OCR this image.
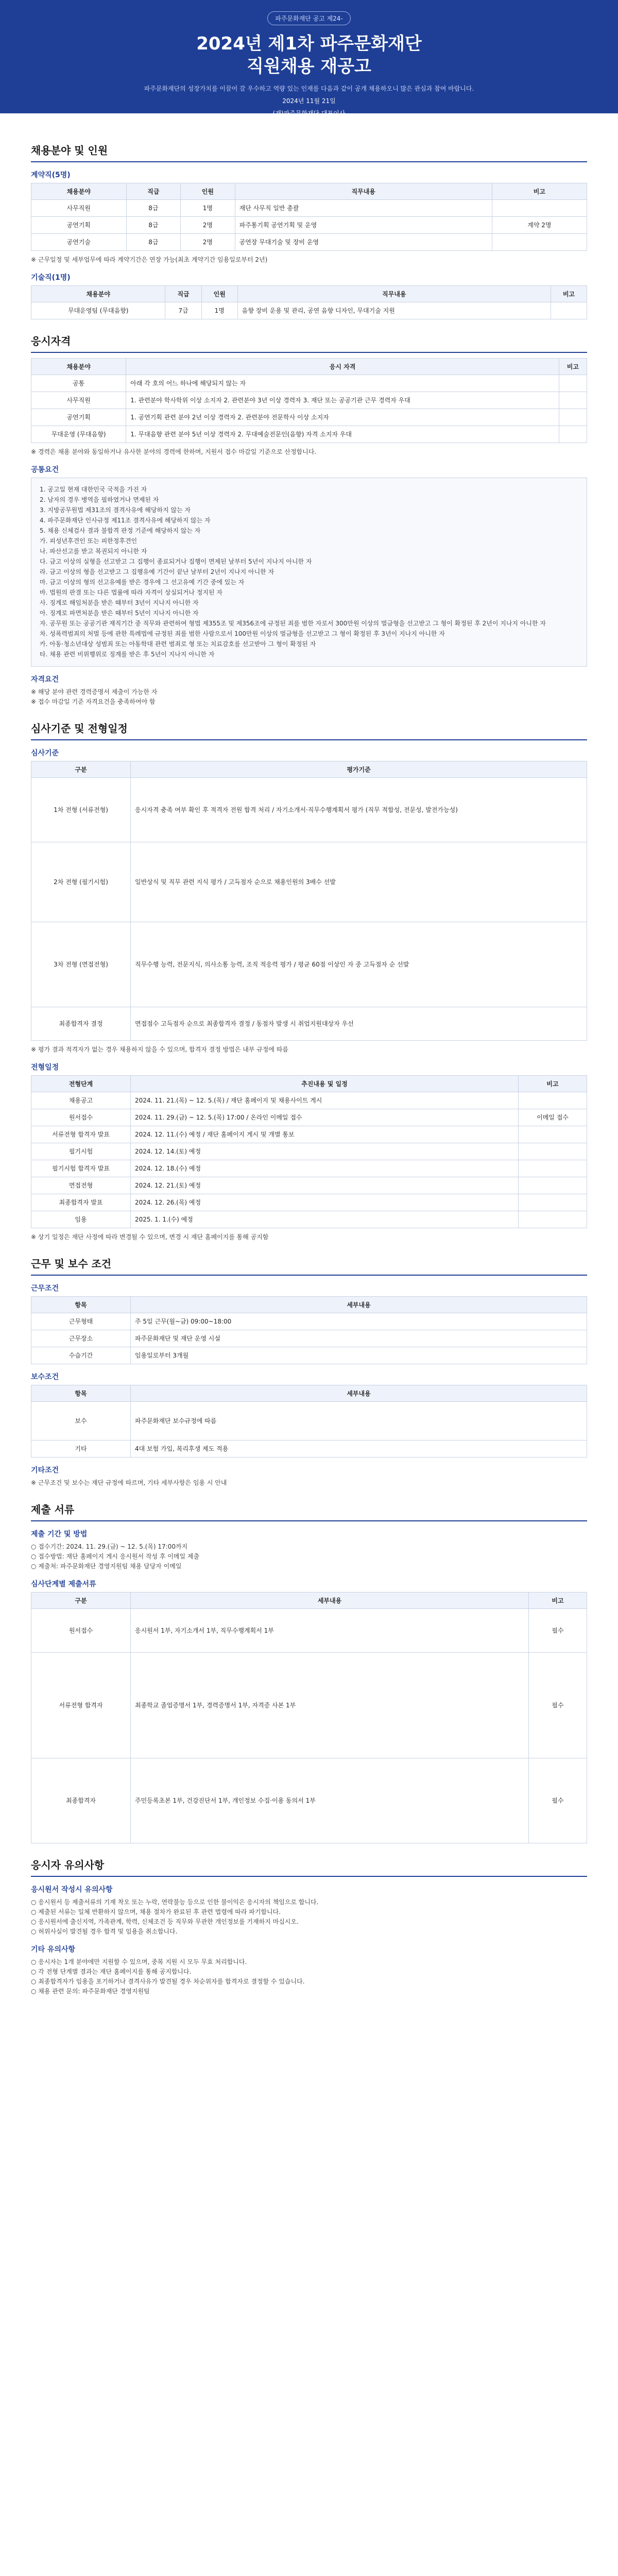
파주문화재단 공고 제24-
2024년 제1차 파주문화재단
직원채용 재공고
파주문화재단의 성장가치를 이끌어 갈 우수하고 역량 있는 인재를 다음과 같이 공개 채용하오니 많은 관심과 참여 바랍니다.
2024년 11월 21일
(재)파주문화재단 대표이사
채용분야 및 인원
계약직(5명)
채용분야	직급	인원	직무내용	비고
사무직원	8급	1명	재단 사무직 일반 총괄	
공연기획	8급	2명	파주통기획 공연기획 및 운영	계약 2명
공연기술	8급	2명	공연장 무대기술 및 장비 운영	

※ 근무일정 및 세부업무에 따라 계약기간은 연장 가능(최초 계약기간 임용일로부터 2년)

기술직(1명)
채용분야	직급	인원	직무내용	비고
무대운영팀 (무대음향)	7급	1명	음향 장비 운용 및 관리, 공연 음향 디자인, 무대기술 지원	
응시자격
채용분야	응시 자격	비고
공통	아래 각 호의 어느 하나에 해당되지 않는 자	
사무직원	1. 관련분야 학사학위 이상 소지자 2. 관련분야 3년 이상 경력자 3. 재단 또는 공공기관 근무 경력자 우대	
공연기획	1. 공연기획 관련 분야 2년 이상 경력자 2. 관련분야 전문학사 이상 소지자	
무대운영 (무대음향)	1. 무대음향 관련 분야 5년 이상 경력자 2. 무대예술전문인(음향) 자격 소지자 우대	

※ 경력은 채용 분야와 동일하거나 유사한 분야의 경력에 한하며, 지원서 접수 마감일 기준으로 산정합니다.

공통요건
1. 공고일 현재 대한민국 국적을 가진 자
2. 남자의 경우 병역을 필하였거나 면제된 자
3. 지방공무원법 제31조의 결격사유에 해당하지 않는 자
4. 파주문화재단 인사규정 제11조 결격사유에 해당하지 않는 자
5. 채용 신체검사 결과 불합격 판정 기준에 해당하지 않는 자
가. 피성년후견인 또는 피한정후견인
나. 파산선고를 받고 복권되지 아니한 자
다. 금고 이상의 실형을 선고받고 그 집행이 종료되거나 집행이 면제된 날부터 5년이 지나지 아니한 자
라. 금고 이상의 형을 선고받고 그 집행유예 기간이 끝난 날부터 2년이 지나지 아니한 자
마. 금고 이상의 형의 선고유예를 받은 경우에 그 선고유예 기간 중에 있는 자
바. 법원의 판결 또는 다른 법률에 따라 자격이 상실되거나 정지된 자
사. 징계로 해임처분을 받은 때부터 3년이 지나지 아니한 자
아. 징계로 파면처분을 받은 때부터 5년이 지나지 아니한 자
자. 공무원 또는 공공기관 재직기간 중 직무와 관련하여 형법 제355조 및 제356조에 규정된 죄를 범한 자로서 300만원 이상의 벌금형을 선고받고 그 형이 확정된 후 2년이 지나지 아니한 자
차. 성폭력범죄의 처벌 등에 관한 특례법에 규정된 죄를 범한 사람으로서 100만원 이상의 벌금형을 선고받고 그 형이 확정된 후 3년이 지나지 아니한 자
카. 아동·청소년대상 성범죄 또는 아동학대 관련 범죄로 형 또는 치료감호를 선고받아 그 형이 확정된 자
타. 채용 관련 비위행위로 징계를 받은 후 5년이 지나지 아니한 자
자격요건
※ 해당 분야 관련 경력증명서 제출이 가능한 자
※ 접수 마감일 기준 자격요건을 충족하여야 함
심사기준 및 전형일정
심사기준
구분	평가기준
1차 전형 (서류전형)	응시자격 충족 여부 확인 후 적격자 전원 합격 처리 / 자기소개서·직무수행계획서 평가 (직무 적합성, 전문성, 발전가능성)
2차 전형 (필기시험)	일반상식 및 직무 관련 지식 평가 / 고득점자 순으로 채용인원의 3배수 선발
3차 전형 (면접전형)	직무수행 능력, 전문지식, 의사소통 능력, 조직 적응력 평가 / 평균 60점 이상인 자 중 고득점자 순 선발
최종합격자 결정	면접점수 고득점자 순으로 최종합격자 결정 / 동점자 발생 시 취업지원대상자 우선

※ 평가 결과 적격자가 없는 경우 채용하지 않을 수 있으며, 합격자 결정 방법은 내부 규정에 따름

전형일정
전형단계	추진내용 및 일정	비고
채용공고	2024. 11. 21.(목) ~ 12. 5.(목) / 재단 홈페이지 및 채용사이트 게시	
원서접수	2024. 11. 29.(금) ~ 12. 5.(목) 17:00 / 온라인 이메일 접수	이메일 접수
서류전형 합격자 발표	2024. 12. 11.(수) 예정 / 재단 홈페이지 게시 및 개별 통보	
필기시험	2024. 12. 14.(토) 예정	
필기시험 합격자 발표	2024. 12. 18.(수) 예정	
면접전형	2024. 12. 21.(토) 예정	
최종합격자 발표	2024. 12. 26.(목) 예정	
임용	2025. 1. 1.(수) 예정	

※ 상기 일정은 재단 사정에 따라 변경될 수 있으며, 변경 시 재단 홈페이지를 통해 공지함

근무 및 보수 조건
근무조건
항목	세부내용
근무형태	주 5일 근무(월~금) 09:00~18:00
근무장소	파주문화재단 및 재단 운영 시설
수습기간	임용일로부터 3개월
보수조건
항목	세부내용
보수	파주문화재단 보수규정에 따름
기타	4대 보험 가입, 복리후생 제도 적용
기타조건
※ 근무조건 및 보수는 재단 규정에 따르며, 기타 세부사항은 임용 시 안내
제출 서류
제출 기간 및 방법
○ 접수기간: 2024. 11. 29.(금) ~ 12. 5.(목) 17:00까지
○ 접수방법: 재단 홈페이지 게시 응시원서 작성 후 이메일 제출
○ 제출처: 파주문화재단 경영지원팀 채용 담당자 이메일
심사단계별 제출서류
구분	세부내용	비고
원서접수	응시원서 1부, 자기소개서 1부, 직무수행계획서 1부	필수
서류전형 합격자	최종학교 졸업증명서 1부, 경력증명서 1부, 자격증 사본 1부	필수
최종합격자	주민등록초본 1부, 건강진단서 1부, 개인정보 수집·이용 동의서 1부	필수
응시자 유의사항
응시원서 작성시 유의사항
○ 응시원서 등 제출서류의 기재 착오 또는 누락, 연락불능 등으로 인한 불이익은 응시자의 책임으로 합니다.
○ 제출된 서류는 일체 반환하지 않으며, 채용 절차가 완료된 후 관련 법령에 따라 파기합니다.
○ 응시원서에 출신지역, 가족관계, 학력, 신체조건 등 직무와 무관한 개인정보를 기재하지 마십시오.
○ 허위사실이 발견될 경우 합격 및 임용을 취소합니다.
기타 유의사항
○ 응시자는 1개 분야에만 지원할 수 있으며, 중복 지원 시 모두 무효 처리합니다.
○ 각 전형 단계별 결과는 재단 홈페이지를 통해 공지합니다.
○ 최종합격자가 임용을 포기하거나 결격사유가 발견될 경우 차순위자를 합격자로 결정할 수 있습니다.
○ 채용 관련 문의: 파주문화재단 경영지원팀
